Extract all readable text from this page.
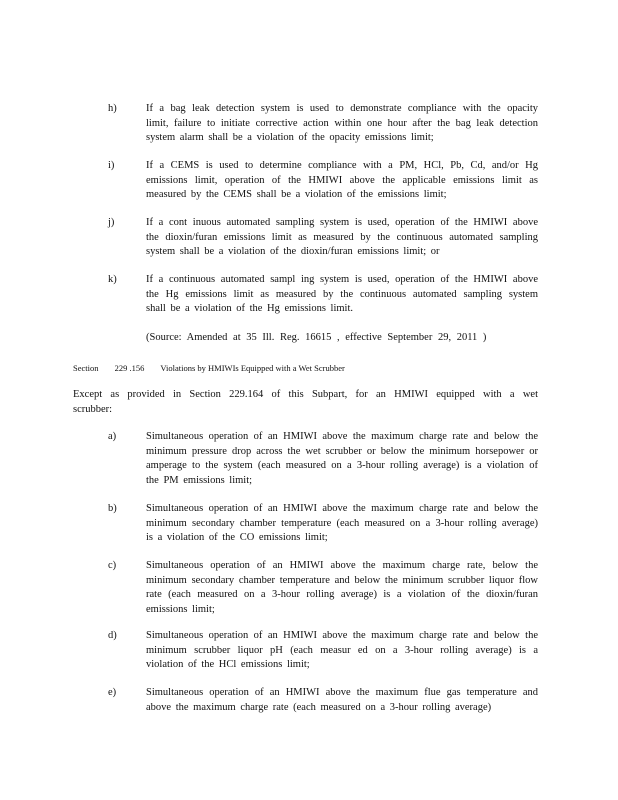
h)	If a bag leak detection system is used to demonstrate compliance with the opacity limit, failure to initiate corrective action within one hour after the bag leak detection system alarm shall be a violation of the opacity emissions limit;
i)	If a CEMS is used to determine compliance with a PM, HCl, Pb, Cd, and/or Hg emissions limit, operation of the HMIWI above the applicable emissions limit as measured by the CEMS shall be a violation of the emissions limit;
j)	If a cont inuous automated sampling system is used, operation of the HMIWI above the dioxin/furan emissions limit as measured by the continuous automated sampling system shall be a violation of the dioxin/furan emissions limit; or
k)	If a continuous automated sampl ing system is used, operation of the HMIWI above the Hg emissions limit as measured by the continuous automated sampling system shall be a violation of the Hg emissions limit.
(Source: Amended at 35 Ill. Reg. 16615 , effective September 29, 2011 )
Section 229 .156 Violations by HMIWIs Equipped with a Wet Scrubber
Except as provided in Section 229.164 of this Subpart, for an HMIWI equipped with a wet scrubber:
a)	Simultaneous operation of an HMIWI above the maximum charge rate and below the minimum pressure drop across the wet scrubber or below the minimum horsepower or amperage to the system (each measured on a 3-hour rolling average) is a violation of the PM emissions limit;
b)	Simultaneous operation of an HMIWI above the maximum charge rate and below the minimum secondary chamber temperature (each measured on a 3-hour rolling average) is a violation of the CO emissions limit;
c)	Simultaneous operation of an HMIWI above the maximum charge rate, below the minimum secondary chamber temperature and below the minimum scrubber liquor flow rate (each measured on a 3-hour rolling average) is a violation of the dioxin/furan emissions limit;
d)	Simultaneous operation of an HMIWI above the maximum charge rate and below the minimum scrubber liquor pH (each measur ed on a 3-hour rolling average) is a violation of the HCl emissions limit;
e)	Simultaneous operation of an HMIWI above the maximum flue gas temperature and above the maximum charge rate (each measured on a 3-hour rolling average)
